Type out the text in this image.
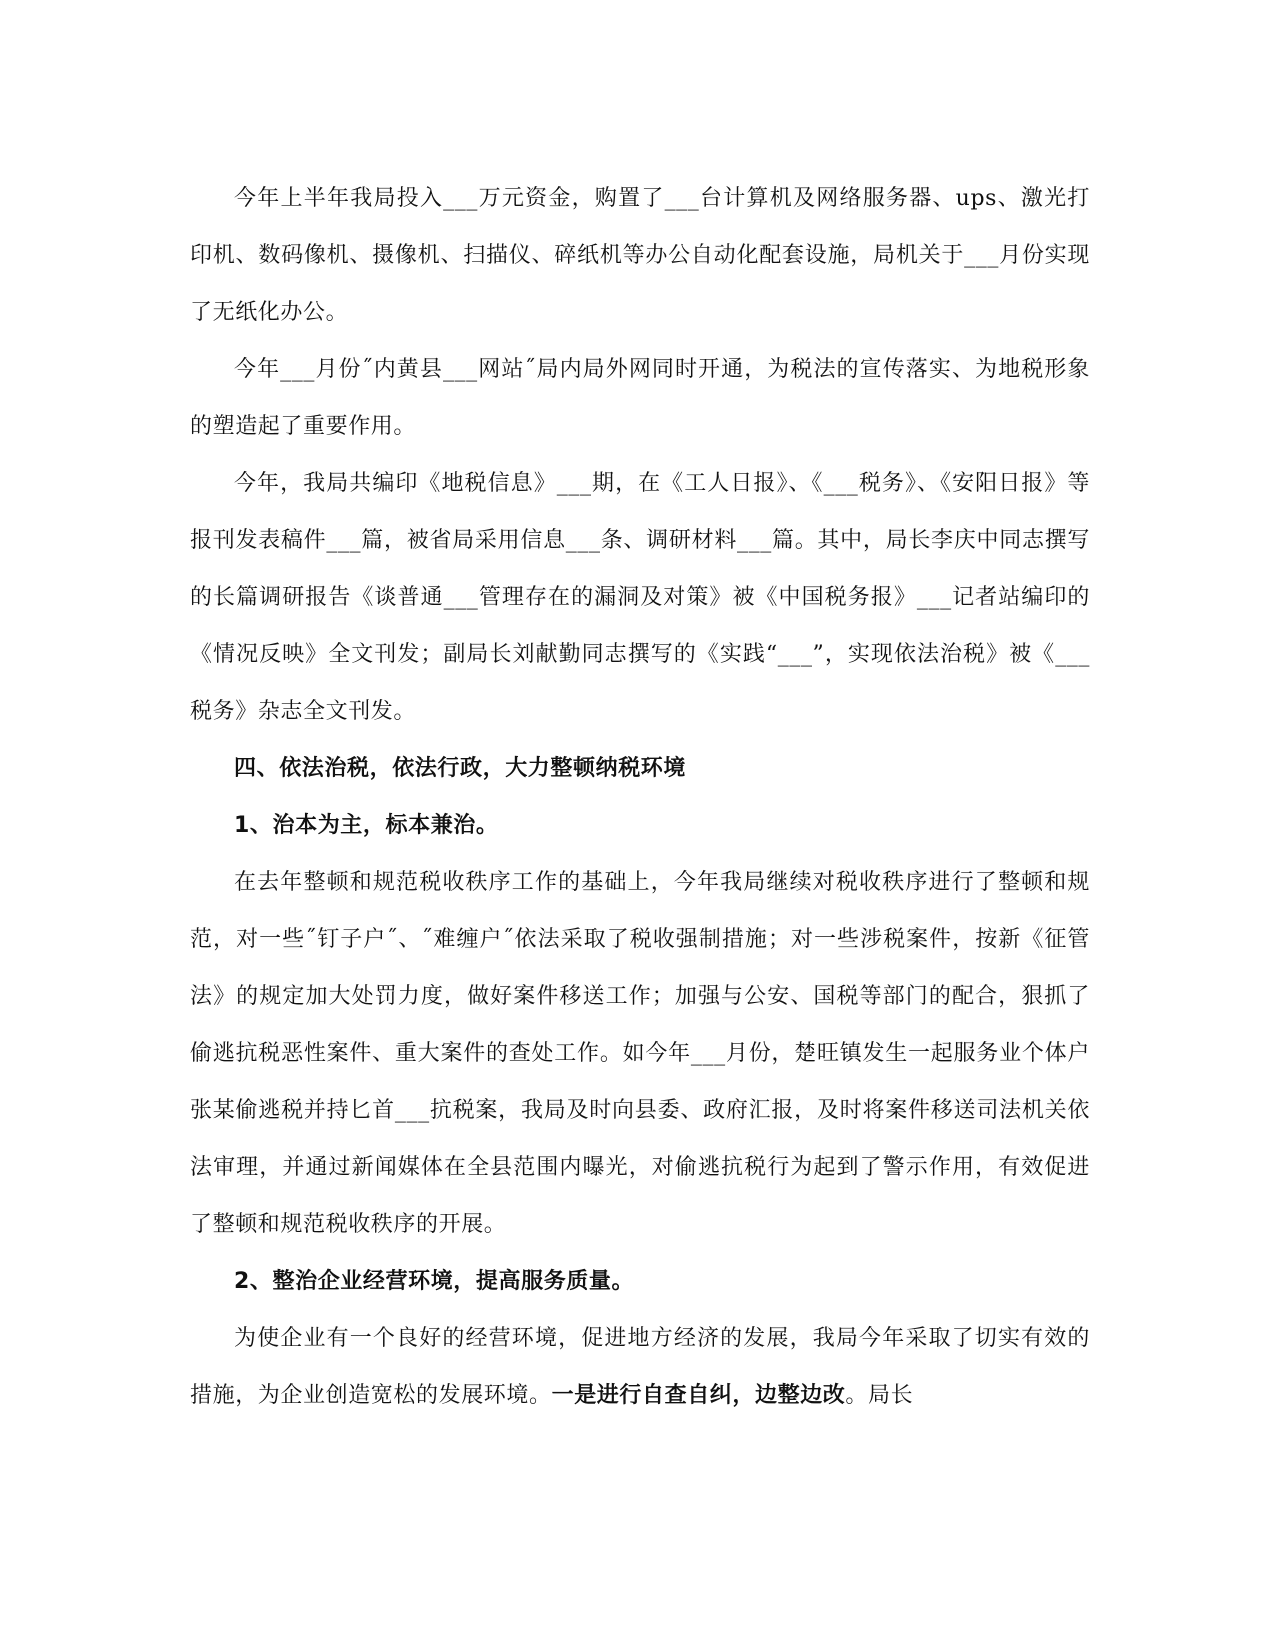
今年上半年我局投入___万元资金，购置了___台计算机及网络服务器、ups、激光打印机、数码像机、摄像机、扫描仪、碎纸机等办公自动化配套设施，局机关于___月份实现了无纸化办公。

今年___月份˝内黄县___网站˝局内局外网同时开通，为税法的宣传落实、为地税形象的塑造起了重要作用。

今年，我局共编印《地税信息》___期，在《工人日报》、《___税务》、《安阳日报》等报刊发表稿件___篇，被省局采用信息___条、调研材料___篇。其中，局长李庆中同志撰写的长篇调研报告《谈普通___管理存在的漏洞及对策》被《中国税务报》___记者站编印的《情况反映》全文刊发；副局长刘献勤同志撰写的《实践“___”，实现依法治税》被《___税务》杂志全文刊发。

四、依法治税，依法行政，大力整顿纳税环境

1、治本为主，标本兼治。

在去年整顿和规范税收秩序工作的基础上，今年我局继续对税收秩序进行了整顿和规范，对一些˝钉子户˝、˝难缠户˝依法采取了税收强制措施；对一些涉税案件，按新《征管法》的规定加大处罚力度，做好案件移送工作；加强与公安、国税等部门的配合，狠抓了偷逃抗税恶性案件、重大案件的查处工作。如今年___月份，楚旺镇发生一起服务业个体户张某偷逃税并持匕首___抗税案，我局及时向县委、政府汇报，及时将案件移送司法机关依法审理，并通过新闻媒体在全县范围内曝光，对偷逃抗税行为起到了警示作用，有效促进了整顿和规范税收秩序的开展。

2、整治企业经营环境，提高服务质量。

为使企业有一个良好的经营环境，促进地方经济的发展，我局今年采取了切实有效的措施，为企业创造宽松的发展环境。一是进行自查自纠，边整边改。局长
